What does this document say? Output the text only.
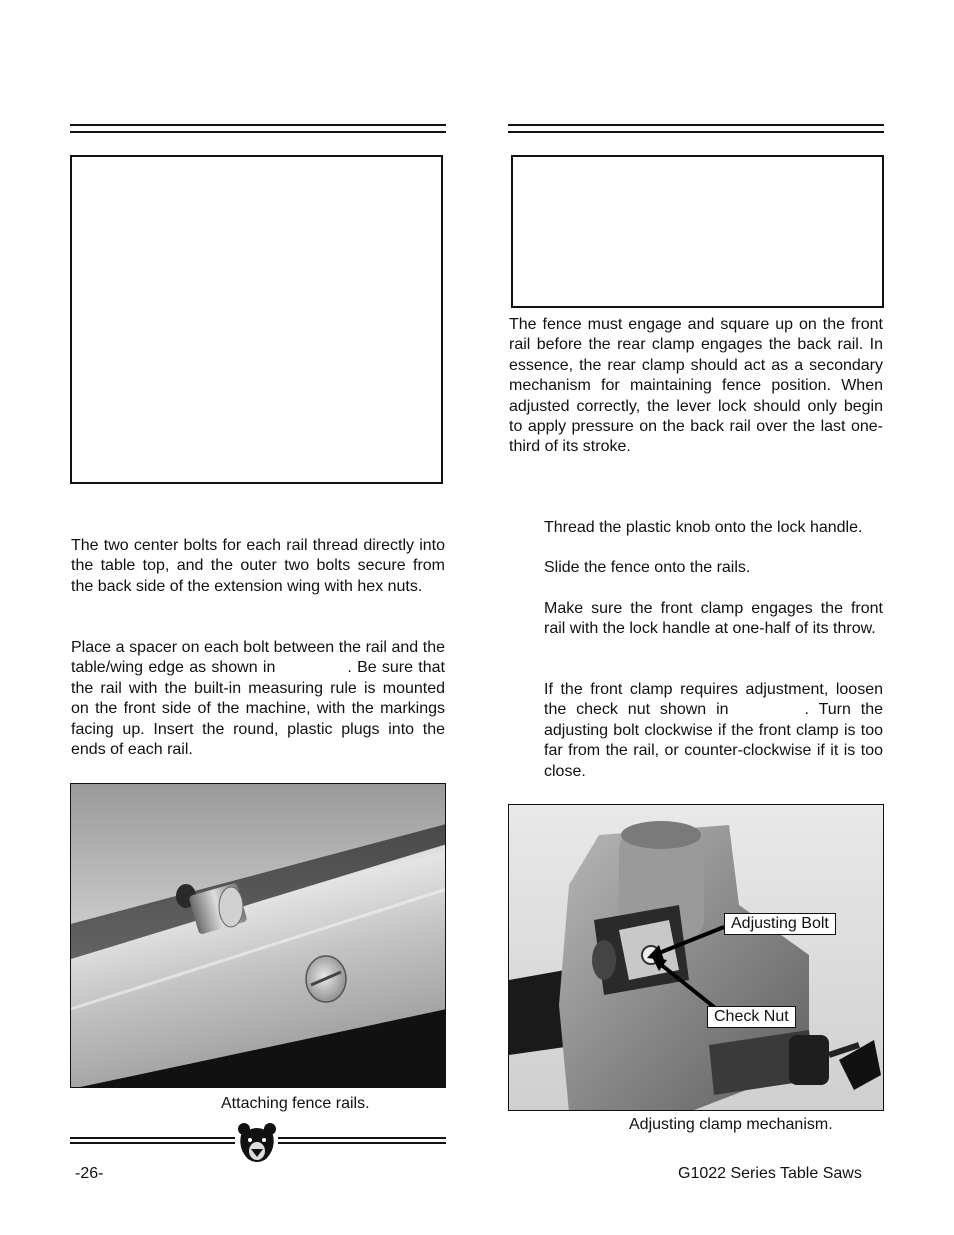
The two center bolts for each rail thread directly into the table top, and the outer two bolts secure from the back side of the extension wing with hex nuts.

Place a spacer on each bolt between the rail and the table/wing edge as shown in	. Be sure that the rail with the built-in measuring rule is mounted on the front side of the machine, with the markings facing up. Insert the round, plastic plugs into the ends of each rail.

Attaching fence rails.

The fence must engage and square up on the front rail before the rear clamp engages the back rail. In essence, the rear clamp should act as a secondary mechanism for maintaining fence position. When adjusted correctly, the lever lock should only begin to apply pressure on the back rail over the last one-third of its stroke.

Thread the plastic knob onto the lock handle.

Slide the fence onto the rails.

Make sure the front clamp engages the front rail with the lock handle at one-half of its throw.

If the front clamp requires adjustment, loosen the check nut shown in	. Turn the adjusting bolt clockwise if the front clamp is too far from the rail, or counter-clockwise if it is too close.

Adjusting Bolt
Check Nut
Adjusting clamp mechanism.
-26-	G1022 Series Table Saws
